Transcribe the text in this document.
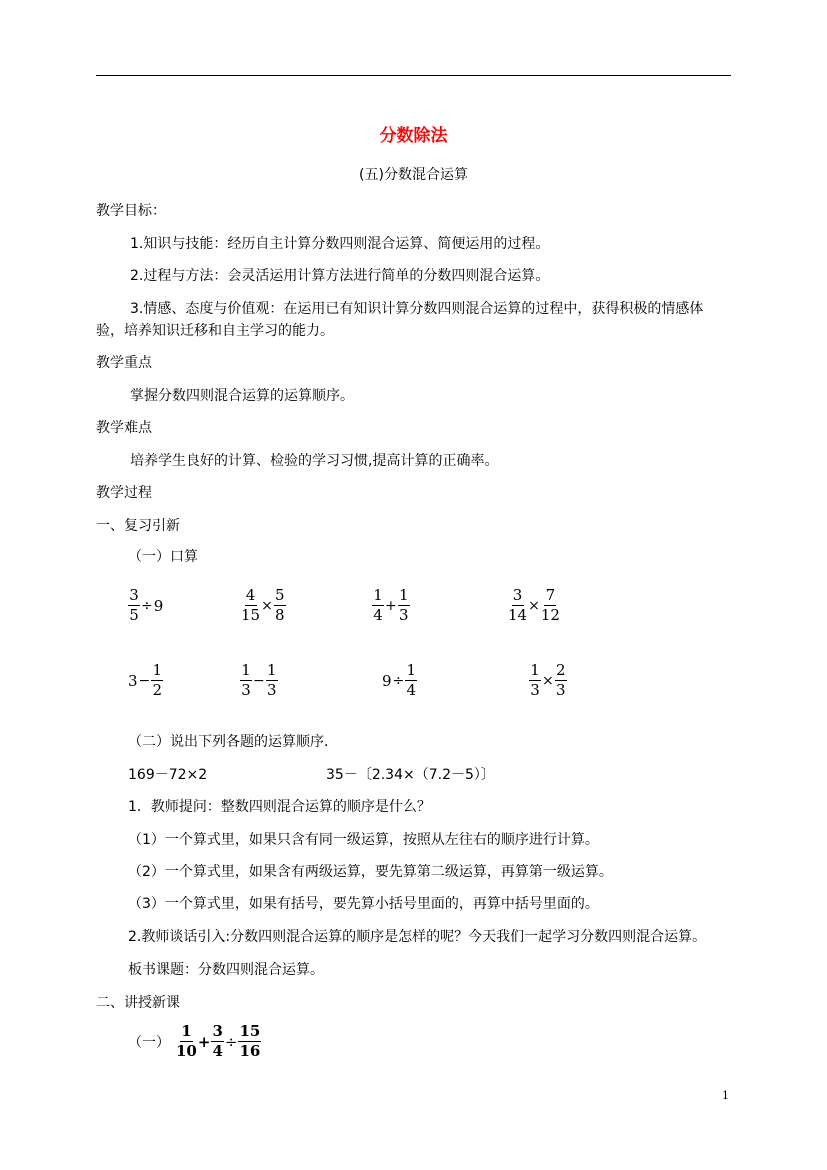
分数除法
(五)分数混合运算
教学目标：
1.知识与技能：经历自主计算分数四则混合运算、简便运用的过程。
2.过程与方法：会灵活运用计算方法进行简单的分数四则混合运算。
3.情感、态度与价值观：在运用已有知识计算分数四则混合运算的过程中，获得积极的情感体
验，培养知识迁移和自主学习的能力。
教学重点
掌握分数四则混合运算的运算顺序。
教学难点
培养学生良好的计算、检验的学习习惯,提高计算的正确率。
教学过程
一、复习引新
（一）口算
$\frac{3}{5} \div 9$	$\frac{4}{15} \times \frac{5}{8}$	$\frac{1}{4} + \frac{1}{3}$	$\frac{3}{14} \times \frac{7}{12}$
$3 - \frac{1}{2}$	$\frac{1}{3} - \frac{1}{3}$	$9 \div \frac{1}{4}$	$\frac{1}{3} \times \frac{2}{3}$
（二）说出下列各题的运算顺序．
169－72×2	35－〔2.34×（7.2－5）〕
1．教师提问：整数四则混合运算的顺序是什么？
（1）一个算式里，如果只含有同一级运算，按照从左往右的顺序进行计算。
（2）一个算式里，如果含有两级运算，要先算第二级运算，再算第一级运算。
（3）一个算式里，如果有括号，要先算小括号里面的，再算中括号里面的。
2.教师谈话引入:分数四则混合运算的顺序是怎样的呢？今天我们一起学习分数四则混合运算。
板书课题：分数四则混合运算。
二、讲授新课
（一） $\frac{1}{10} + \frac{3}{4} \div \frac{15}{16}$
1
